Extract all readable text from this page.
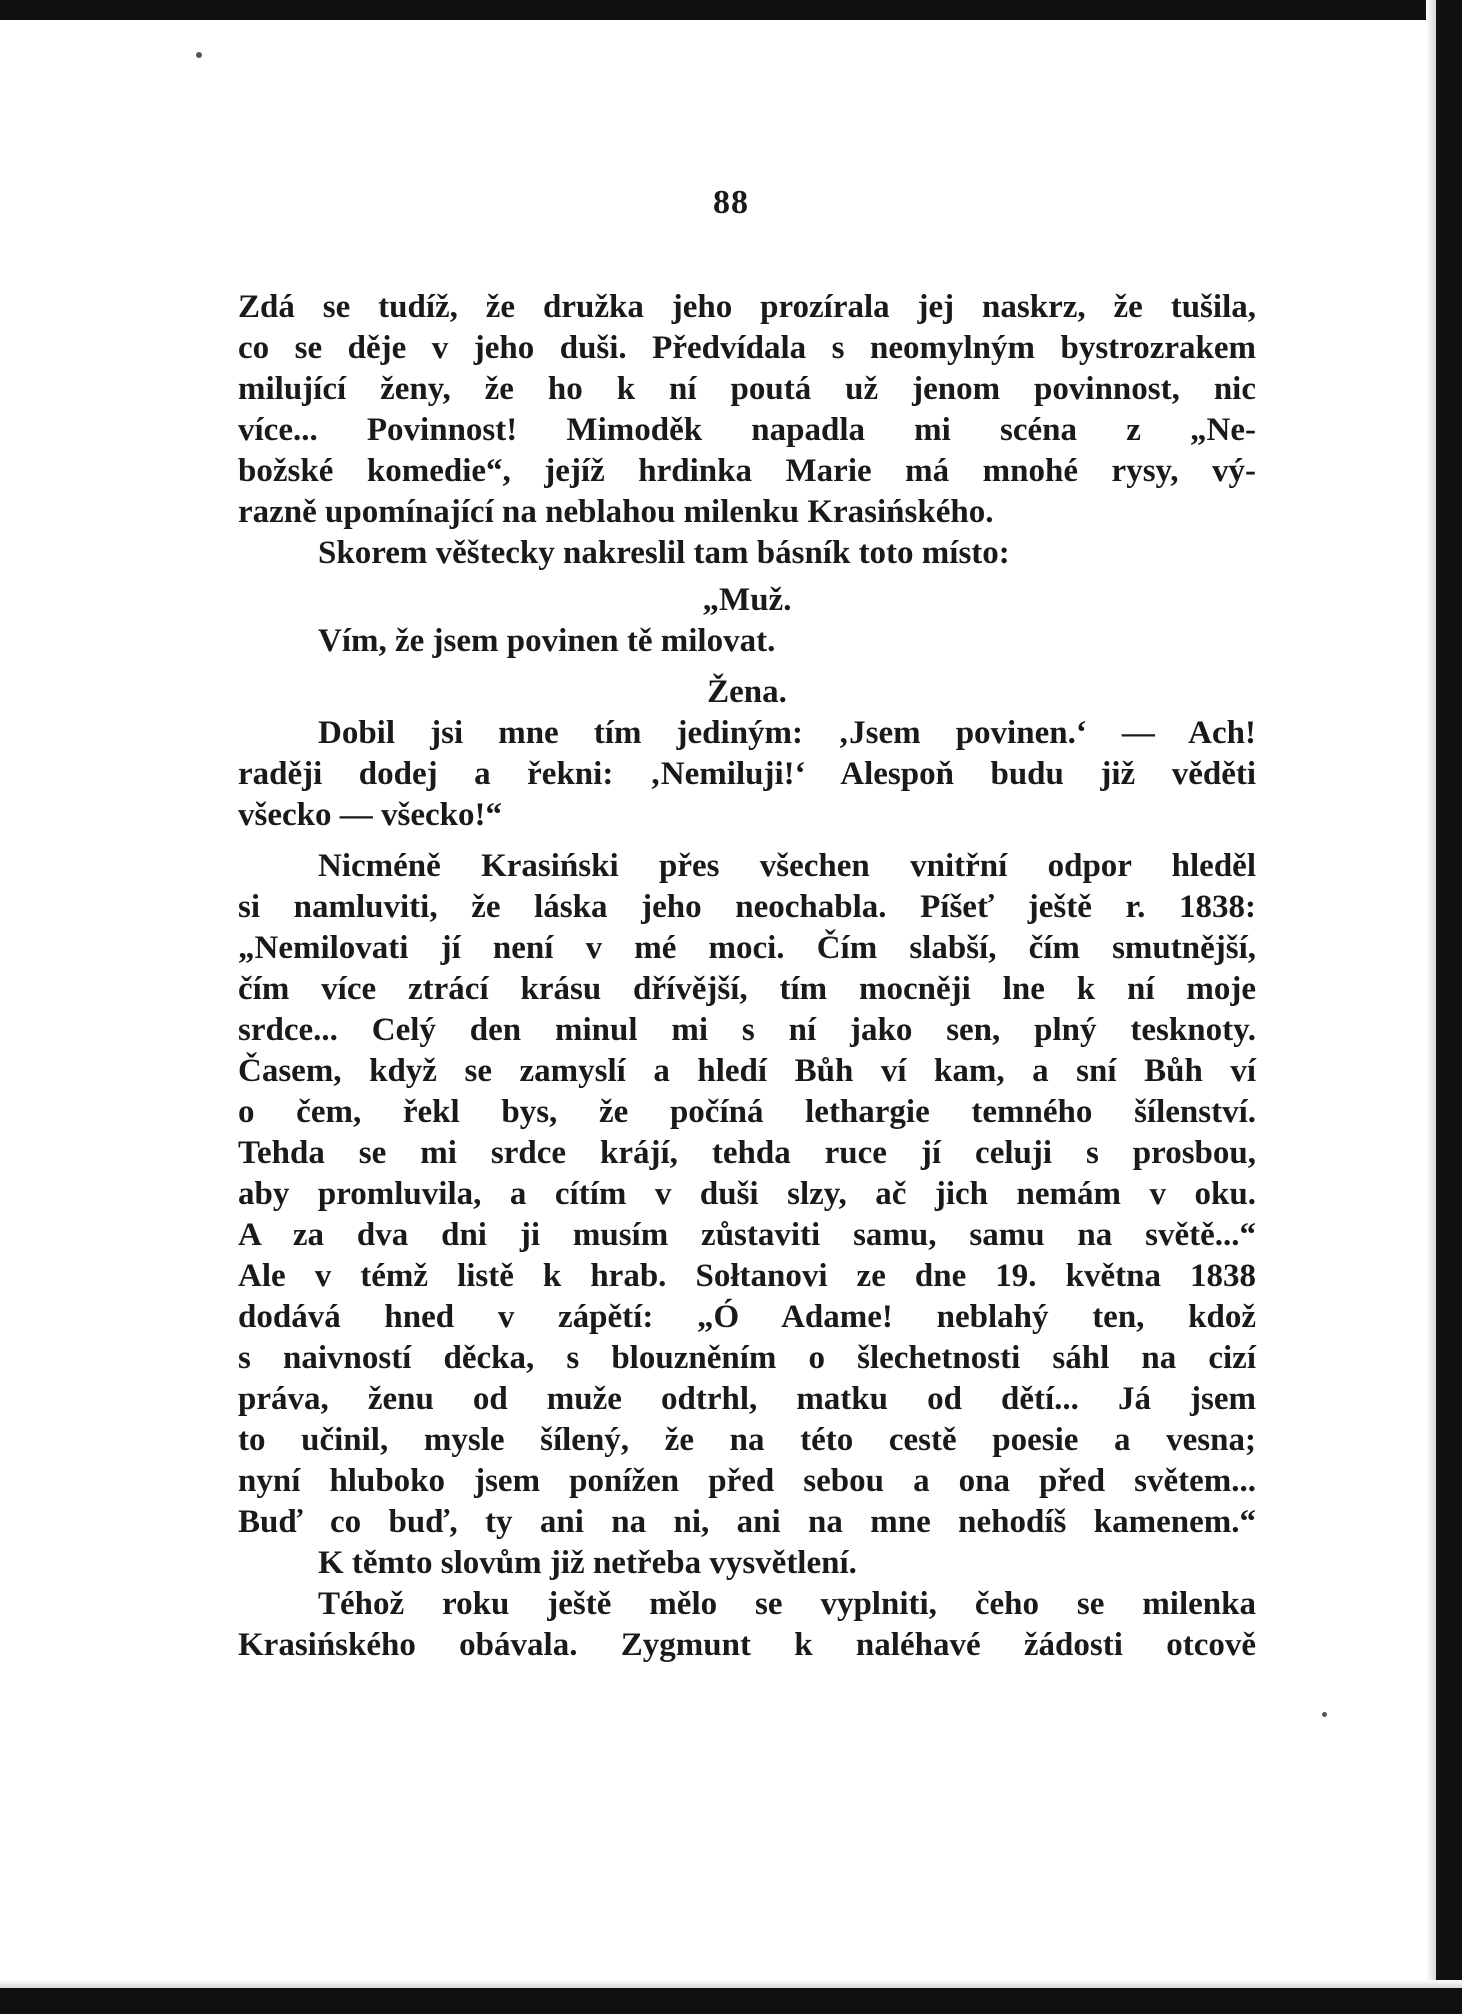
88
Zdá se tudíž, že družka jeho prozírala jej naskrz, že tušila,
co se děje v jeho duši. Předvídala s neomylným bystrozrakem
milující ženy, že ho k ní poutá už jenom povinnost, nic
více... Povinnost! Mimoděk napadla mi scéna z „Ne-
božské komedie“, jejíž hrdinka Marie má mnohé rysy, vý-
razně upomínající na neblahou milenku Krasińského.
Skorem věštecky nakreslil tam básník toto místo:
„Muž.
Vím, že jsem povinen tě milovat.
Žena.
Dobil jsi mne tím jediným: ‚Jsem povinen.‘ — Ach!
raději dodej a řekni: ‚Nemiluji!‘ Alespoň budu již věděti
všecko — všecko!“
Nicméně Krasiński přes všechen vnitřní odpor hleděl
si namluviti, že láska jeho neochabla. Píšeť ještě r. 1838:
„Nemilovati jí není v mé moci. Čím slabší, čím smutnější,
čím více ztrácí krásu dřívější, tím mocněji lne k ní moje
srdce... Celý den minul mi s ní jako sen, plný tesknoty.
Časem, když se zamyslí a hledí Bůh ví kam, a sní Bůh ví
o čem, řekl bys, že počíná lethargie temného šílenství.
Tehda se mi srdce krájí, tehda ruce jí celuji s prosbou,
aby promluvila, a cítím v duši slzy, ač jich nemám v oku.
A za dva dni ji musím zůstaviti samu, samu na světě...“
Ale v témž listě k hrab. Sołtanovi ze dne 19. května 1838
dodává hned v zápětí: „Ó Adame! neblahý ten, kdož
s naivností děcka, s blouzněním o šlechetnosti sáhl na cizí
práva, ženu od muže odtrhl, matku od dětí... Já jsem
to učinil, mysle šílený, že na této cestě poesie a vesna;
nyní hluboko jsem ponížen před sebou a ona před světem...
Buď co buď, ty ani na ni, ani na mne nehodíš kamenem.“
K těmto slovům již netřeba vysvětlení.
Téhož roku ještě mělo se vyplniti, čeho se milenka
Krasińského obávala. Zygmunt k naléhavé žádosti otcově
